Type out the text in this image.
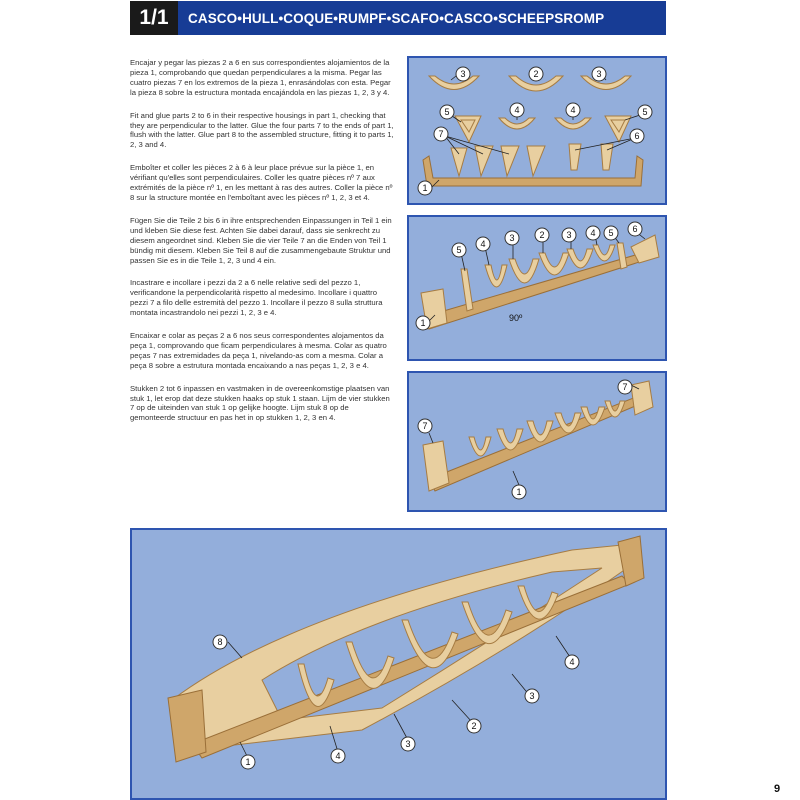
1/1	CASCO•HULL•COQUE•RUMPF•SCAFO•CASCO•SCHEEPSROMP

Encajar y pegar las piezas 2 a 6 en sus correspondientes alojamientos de la pieza 1, comprobando que quedan perpendiculares a la misma. Pegar las cuatro piezas 7 en los extremos de la pieza 1, enrasándolas con esta. Pegar la pieza 8 sobre la estructura montada encajándola en las piezas 1, 2, 3 y 4.

Fit and glue parts 2 to 6 in their respective housings in part 1, checking that they are perpendicular to the latter. Glue the four parts 7 to the ends of part 1, flush with the latter. Glue part 8 to the assembled structure, fitting it to parts 1, 2, 3 and 4.

Emboîter et coller les pièces 2 à 6 à leur place prévue sur la pièce 1, en vérifiant qu'elles sont perpendiculaires. Coller les quatre pièces nº 7 aux extrémités de la pièce nº 1, en les mettant à ras des autres. Coller la pièce nº 8 sur la structure montée en l'emboîtant avec les pièces nº 1, 2, 3 et 4.

Fügen Sie die Teile 2 bis 6 in ihre entsprechenden Einpassungen in Teil 1 ein und kleben Sie diese fest. Achten Sie dabei darauf, dass sie senkrecht zu diesem angeordnet sind. Kleben Sie die vier Teile 7 an die Enden von Teil 1 bündig mit diesem. Kleben Sie Teil 8 auf die zusammengebaute Struktur und passen Sie es in die Teile 1, 2, 3 und 4 ein.

Incastrare e incollare i pezzi da 2 a 6 nelle relative sedi del pezzo 1, verificandone la perpendicolarità rispetto al medesimo. Incollare i quattro pezzi 7 a filo delle estremità del pezzo 1. Incollare il pezzo 8 sulla struttura montata incastrandolo nei pezzi 1, 2, 3 e 4.

Encaixar e colar as peças 2 a 6 nos seus correspondentes alojamentos da peça 1, comprovando que ficam perpendiculares à mesma. Colar as quatro peças 7 nas extremidades da peça 1, nivelando-as com a mesma. Colar a peça 8 sobre a estrutura montada encaixando a nas peças 1, 2, 3 e 4.

Stukken 2 tot 6 inpassen en vastmaken in de overeenkomstige plaatsen van stuk 1, let erop dat deze stukken haaks op stuk 1 staan. Lijm de vier stukken 7 op de uiteinden van stuk 1 op gelijke hoogte. Lijm stuk 8 op de gemonteerde structuur en pas het in op stukken 1, 2, 3 en 4.

3	2	3
5	4	4	5
7	6
1
90º
5
4
3	2 3 4 5 6
1
7
7
1
8
1
4
3
2
3
4
9
